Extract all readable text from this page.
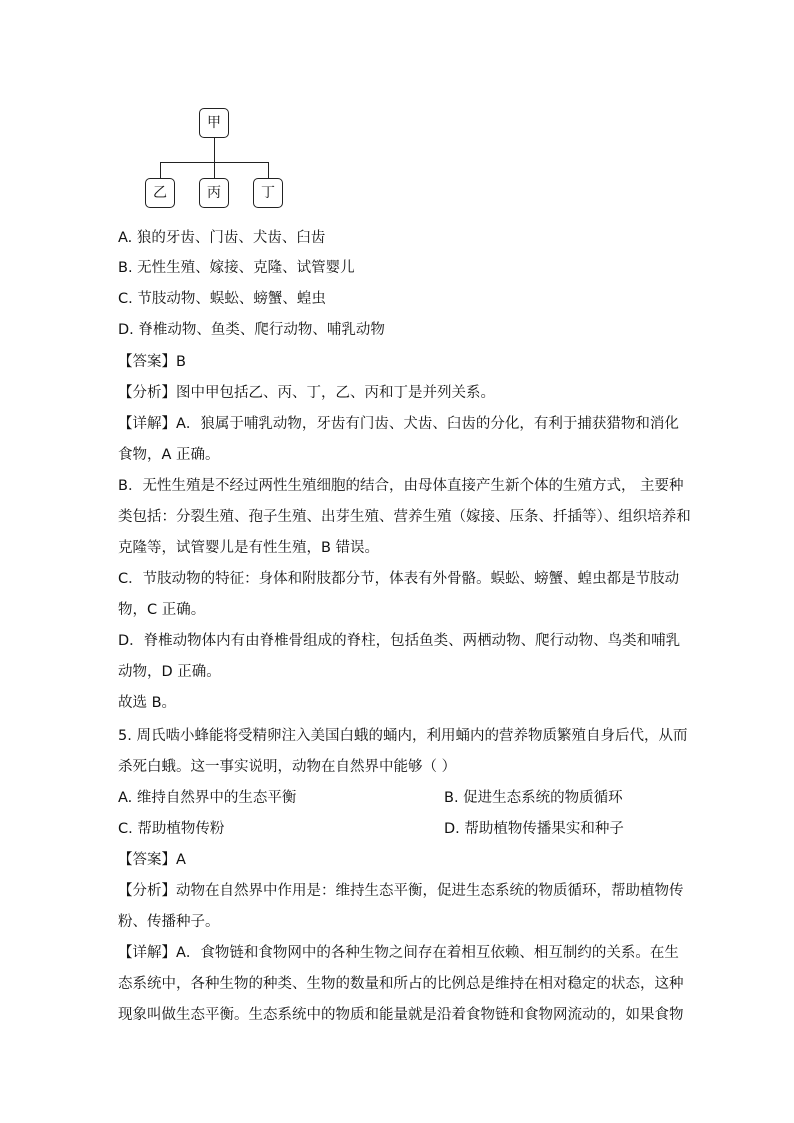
甲
乙	丙	丁
A. 狼的牙齿、门齿、犬齿、臼齿
B. 无性生殖、嫁接、克隆、试管婴儿
C. 节肢动物、蜈蚣、螃蟹、蝗虫
D. 脊椎动物、鱼类、爬行动物、哺乳动物
【答案】B
【分析】图中甲包括乙、丙、丁，乙、丙和丁是并列关系。
【详解】A．狼属于哺乳动物，牙齿有门齿、犬齿、臼齿的分化，有利于捕获猎物和消化
食物，A 正确。
B．无性生殖是不经过两性生殖细胞的结合，由母体直接产生新个体的生殖方式， 主要种
类包括：分裂生殖、孢子生殖、出芽生殖、营养生殖（嫁接、压条、扦插等）、组织培养和
克隆等，试管婴儿是有性生殖，B 错误。
C．节肢动物的特征：身体和附肢都分节，体表有外骨骼。蜈蚣、螃蟹、蝗虫都是节肢动
物，C 正确。
D．脊椎动物体内有由脊椎骨组成的脊柱，包括鱼类、两栖动物、爬行动物、鸟类和哺乳
动物，D 正确。
故选 B。
5. 周氏啮小蜂能将受精卵注入美国白蛾的蛹内，利用蛹内的营养物质繁殖自身后代，从而
杀死白蛾。这一事实说明，动物在自然界中能够（ ）
A. 维持自然界中的生态平衡	B. 促进生态系统的物质循环
C. 帮助植物传粉	D. 帮助植物传播果实和种子
【答案】A
【分析】动物在自然界中作用是：维持生态平衡，促进生态系统的物质循环，帮助植物传
粉、传播种子。
【详解】A．食物链和食物网中的各种生物之间存在着相互依赖、相互制约的关系。在生
态系统中，各种生物的种类、生物的数量和所占的比例总是维持在相对稳定的状态，这种
现象叫做生态平衡。生态系统中的物质和能量就是沿着食物链和食物网流动的，如果食物
